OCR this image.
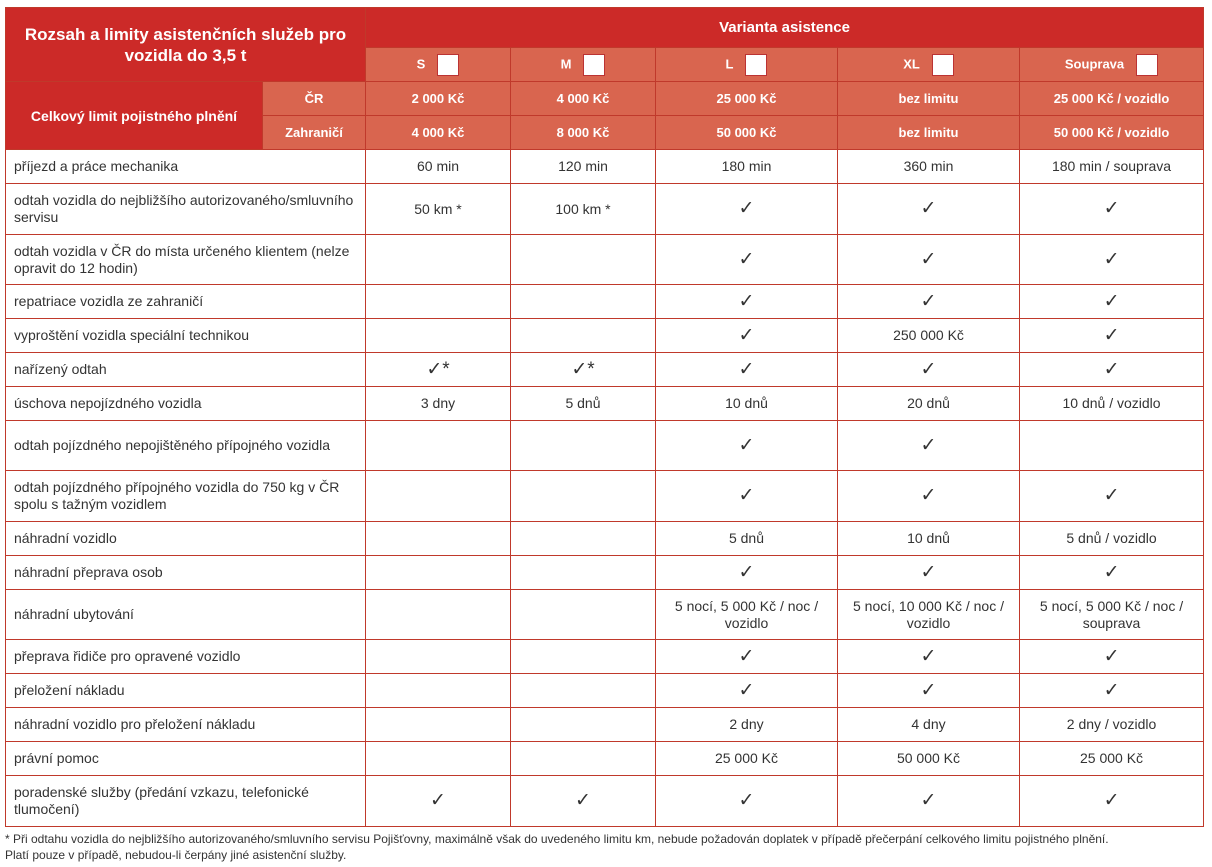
Rozsah a limity asistenčních služeb pro vozidla do 3,5 t		Varianta asistence				
		S	M	L	XL	Souprava
Celkový limit pojistného plnění	ČR	2 000 Kč	4 000 Kč	25 000 Kč	bez limitu	25 000 Kč / vozidlo
	Zahraničí	4 000 Kč	8 000 Kč	50 000 Kč	bez limitu	50 000 Kč / vozidlo
příjezd a práce mechanika		60 min	120 min	180 min	360 min	180 min / souprava
odtah vozidla do nejbližšího autorizovaného/smluvního servisu		50 km *	100 km *	✓	✓	✓
odtah vozidla v ČR do místa určeného klientem (nelze opravit do 12 hodin)				✓	✓	✓
repatriace vozidla ze zahraničí				✓	✓	✓
vyproštění vozidla speciální technikou				✓	250 000 Kč	✓
nařízený odtah		✓*	✓*	✓	✓	✓
úschova nepojízdného vozidla		3 dny	5 dnů	10 dnů	20 dnů	10 dnů / vozidlo
odtah pojízdného nepojištěného přípojného vozidla				✓	✓	
odtah pojízdného přípojného vozidla do 750 kg v ČR spolu s tažným vozidlem				✓	✓	✓
náhradní vozidlo				5 dnů	10 dnů	5 dnů / vozidlo
náhradní přeprava osob				✓	✓	✓
náhradní ubytování				5 nocí, 5 000 Kč / noc / vozidlo	5 nocí, 10 000 Kč / noc / vozidlo	5 nocí, 5 000 Kč / noc / souprava
přeprava řidiče pro opravené vozidlo				✓	✓	✓
přeložení nákladu				✓	✓	✓
náhradní vozidlo pro přeložení nákladu				2 dny	4 dny	2 dny / vozidlo
právní pomoc				25 000 Kč	50 000 Kč	25 000 Kč
poradenské služby (předání vzkazu, telefonické tlumočení)		✓	✓	✓	✓	✓
* Při odtahu vozidla do nejbližšího autorizovaného/smluvního servisu Pojišťovny, maximálně však do uvedeného limitu km, nebude požadován doplatek v případě přečerpání celkového limitu pojistného plnění.
Platí pouze v případě, nebudou-li čerpány jiné asistenční služby.
